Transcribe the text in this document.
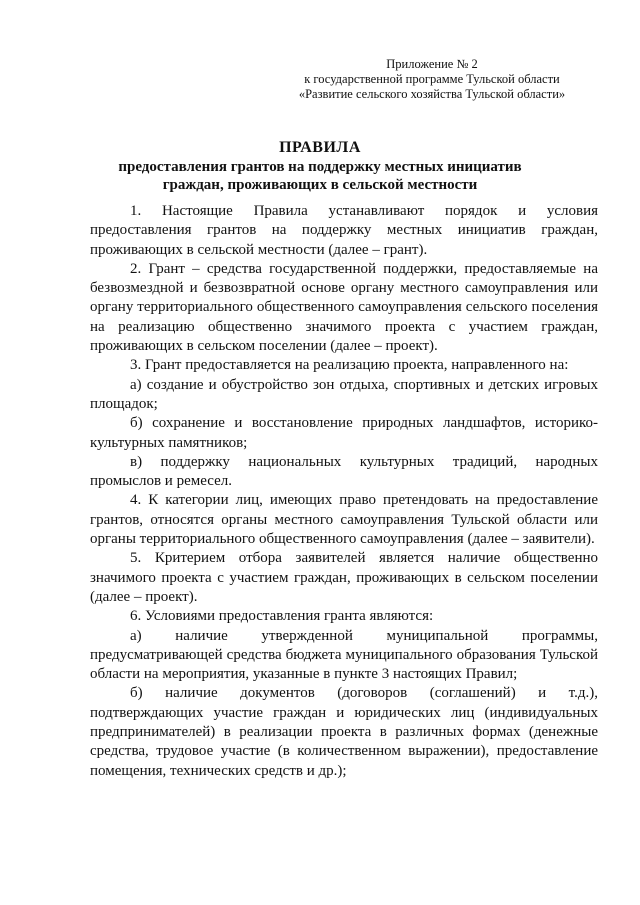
Приложение № 2
к государственной программе Тульской области
«Развитие сельского хозяйства Тульской области»
ПРАВИЛА
предоставления грантов на поддержку местных инициатив
граждан, проживающих в сельской местности

1. Настоящие Правила устанавливают порядок и условия предоставления грантов на поддержку местных инициатив граждан, проживающих в сельской местности (далее – грант).

2. Грант – средства государственной поддержки, предоставляемые на безвозмездной и безвозвратной основе органу местного самоуправления или органу территориального общественного самоуправления сельского поселения на реализацию общественно значимого проекта с участием граждан, проживающих в сельском поселении (далее – проект).

3. Грант предоставляется на реализацию проекта, направленного на:

а) создание и обустройство зон отдыха, спортивных и детских игровых площадок;

б) сохранение и восстановление природных ландшафтов, историко-культурных памятников;

в) поддержку национальных культурных традиций, народных промыслов и ремесел.

4. К категории лиц, имеющих право претендовать на предоставление грантов, относятся органы местного самоуправления Тульской области или органы территориального общественного самоуправления (далее – заявители).

5. Критерием отбора заявителей является наличие общественно значимого проекта с участием граждан, проживающих в сельском поселении (далее – проект).

6. Условиями предоставления гранта являются:

а) наличие утвержденной муниципальной программы, предусматривающей средства бюджета муниципального образования Тульской области на мероприятия, указанные в пункте 3 настоящих Правил;

б) наличие документов (договоров (соглашений) и т.д.), подтверждающих участие граждан и юридических лиц (индивидуальных предпринимателей) в реализации проекта в различных формах (денежные средства, трудовое участие (в количественном выражении), предоставление помещения, технических средств и др.);
